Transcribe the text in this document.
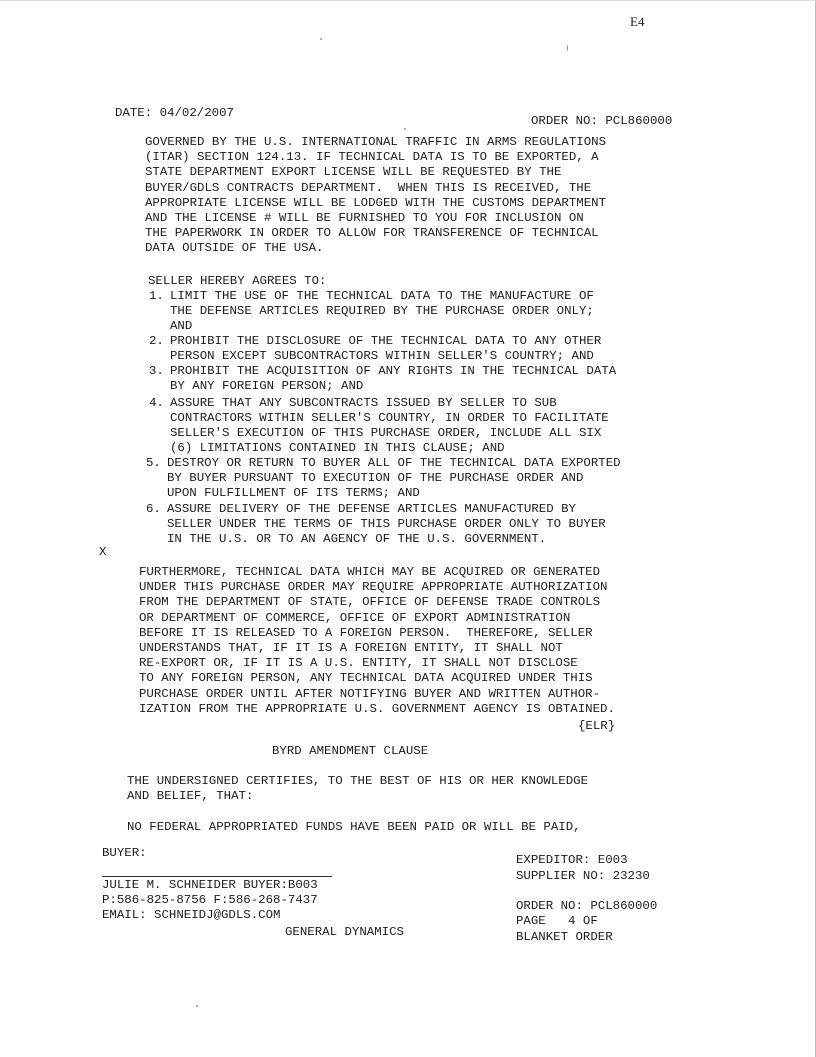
E4
DATE: 04/02/2007
ORDER NO: PCL860000
GOVERNED BY THE U.S. INTERNATIONAL TRAFFIC IN ARMS REGULATIONS
(ITAR) SECTION 124.13. IF TECHNICAL DATA IS TO BE EXPORTED, A
STATE DEPARTMENT EXPORT LICENSE WILL BE REQUESTED BY THE
BUYER/GDLS CONTRACTS DEPARTMENT.  WHEN THIS IS RECEIVED, THE
APPROPRIATE LICENSE WILL BE LODGED WITH THE CUSTOMS DEPARTMENT
AND THE LICENSE # WILL BE FURNISHED TO YOU FOR INCLUSION ON
THE PAPERWORK IN ORDER TO ALLOW FOR TRANSFERENCE OF TECHNICAL
DATA OUTSIDE OF THE USA.
SELLER HEREBY AGREES TO:
1. LIMIT THE USE OF THE TECHNICAL DATA TO THE MANUFACTURE OF
THE DEFENSE ARTICLES REQUIRED BY THE PURCHASE ORDER ONLY;
AND
2. PROHIBIT THE DISCLOSURE OF THE TECHNICAL DATA TO ANY OTHER
PERSON EXCEPT SUBCONTRACTORS WITHIN SELLER'S COUNTRY; AND
3. PROHIBIT THE ACQUISITION OF ANY RIGHTS IN THE TECHNICAL DATA
BY ANY FOREIGN PERSON; AND
4. ASSURE THAT ANY SUBCONTRACTS ISSUED BY SELLER TO SUB
CONTRACTORS WITHIN SELLER'S COUNTRY, IN ORDER TO FACILITATE
SELLER'S EXECUTION OF THIS PURCHASE ORDER, INCLUDE ALL SIX
(6) LIMITATIONS CONTAINED IN THIS CLAUSE; AND
5. DESTROY OR RETURN TO BUYER ALL OF THE TECHNICAL DATA EXPORTED
BY BUYER PURSUANT TO EXECUTION OF THE PURCHASE ORDER AND
UPON FULFILLMENT OF ITS TERMS; AND
6. ASSURE DELIVERY OF THE DEFENSE ARTICLES MANUFACTURED BY
SELLER UNDER THE TERMS OF THIS PURCHASE ORDER ONLY TO BUYER
IN THE U.S. OR TO AN AGENCY OF THE U.S. GOVERNMENT.
X
FURTHERMORE, TECHNICAL DATA WHICH MAY BE ACQUIRED OR GENERATED
UNDER THIS PURCHASE ORDER MAY REQUIRE APPROPRIATE AUTHORIZATION
FROM THE DEPARTMENT OF STATE, OFFICE OF DEFENSE TRADE CONTROLS
OR DEPARTMENT OF COMMERCE, OFFICE OF EXPORT ADMINISTRATION
BEFORE IT IS RELEASED TO A FOREIGN PERSON.  THEREFORE, SELLER
UNDERSTANDS THAT, IF IT IS A FOREIGN ENTITY, IT SHALL NOT
RE-EXPORT OR, IF IT IS A U.S. ENTITY, IT SHALL NOT DISCLOSE
TO ANY FOREIGN PERSON, ANY TECHNICAL DATA ACQUIRED UNDER THIS
PURCHASE ORDER UNTIL AFTER NOTIFYING BUYER AND WRITTEN AUTHOR-
IZATION FROM THE APPROPRIATE U.S. GOVERNMENT AGENCY IS OBTAINED.
{ELR}
BYRD AMENDMENT CLAUSE
THE UNDERSIGNED CERTIFIES, TO THE BEST OF HIS OR HER KNOWLEDGE
AND BELIEF, THAT:
NO FEDERAL APPROPRIATED FUNDS HAVE BEEN PAID OR WILL BE PAID,
BUYER:
JULIE M. SCHNEIDER BUYER:B003
P:586-825-8756 F:586-268-7437
EMAIL: SCHNEIDJ@GDLS.COM
GENERAL DYNAMICS
EXPEDITOR: E003
SUPPLIER NO: 23230
ORDER NO: PCL860000
PAGE   4 OF
BLANKET ORDER
